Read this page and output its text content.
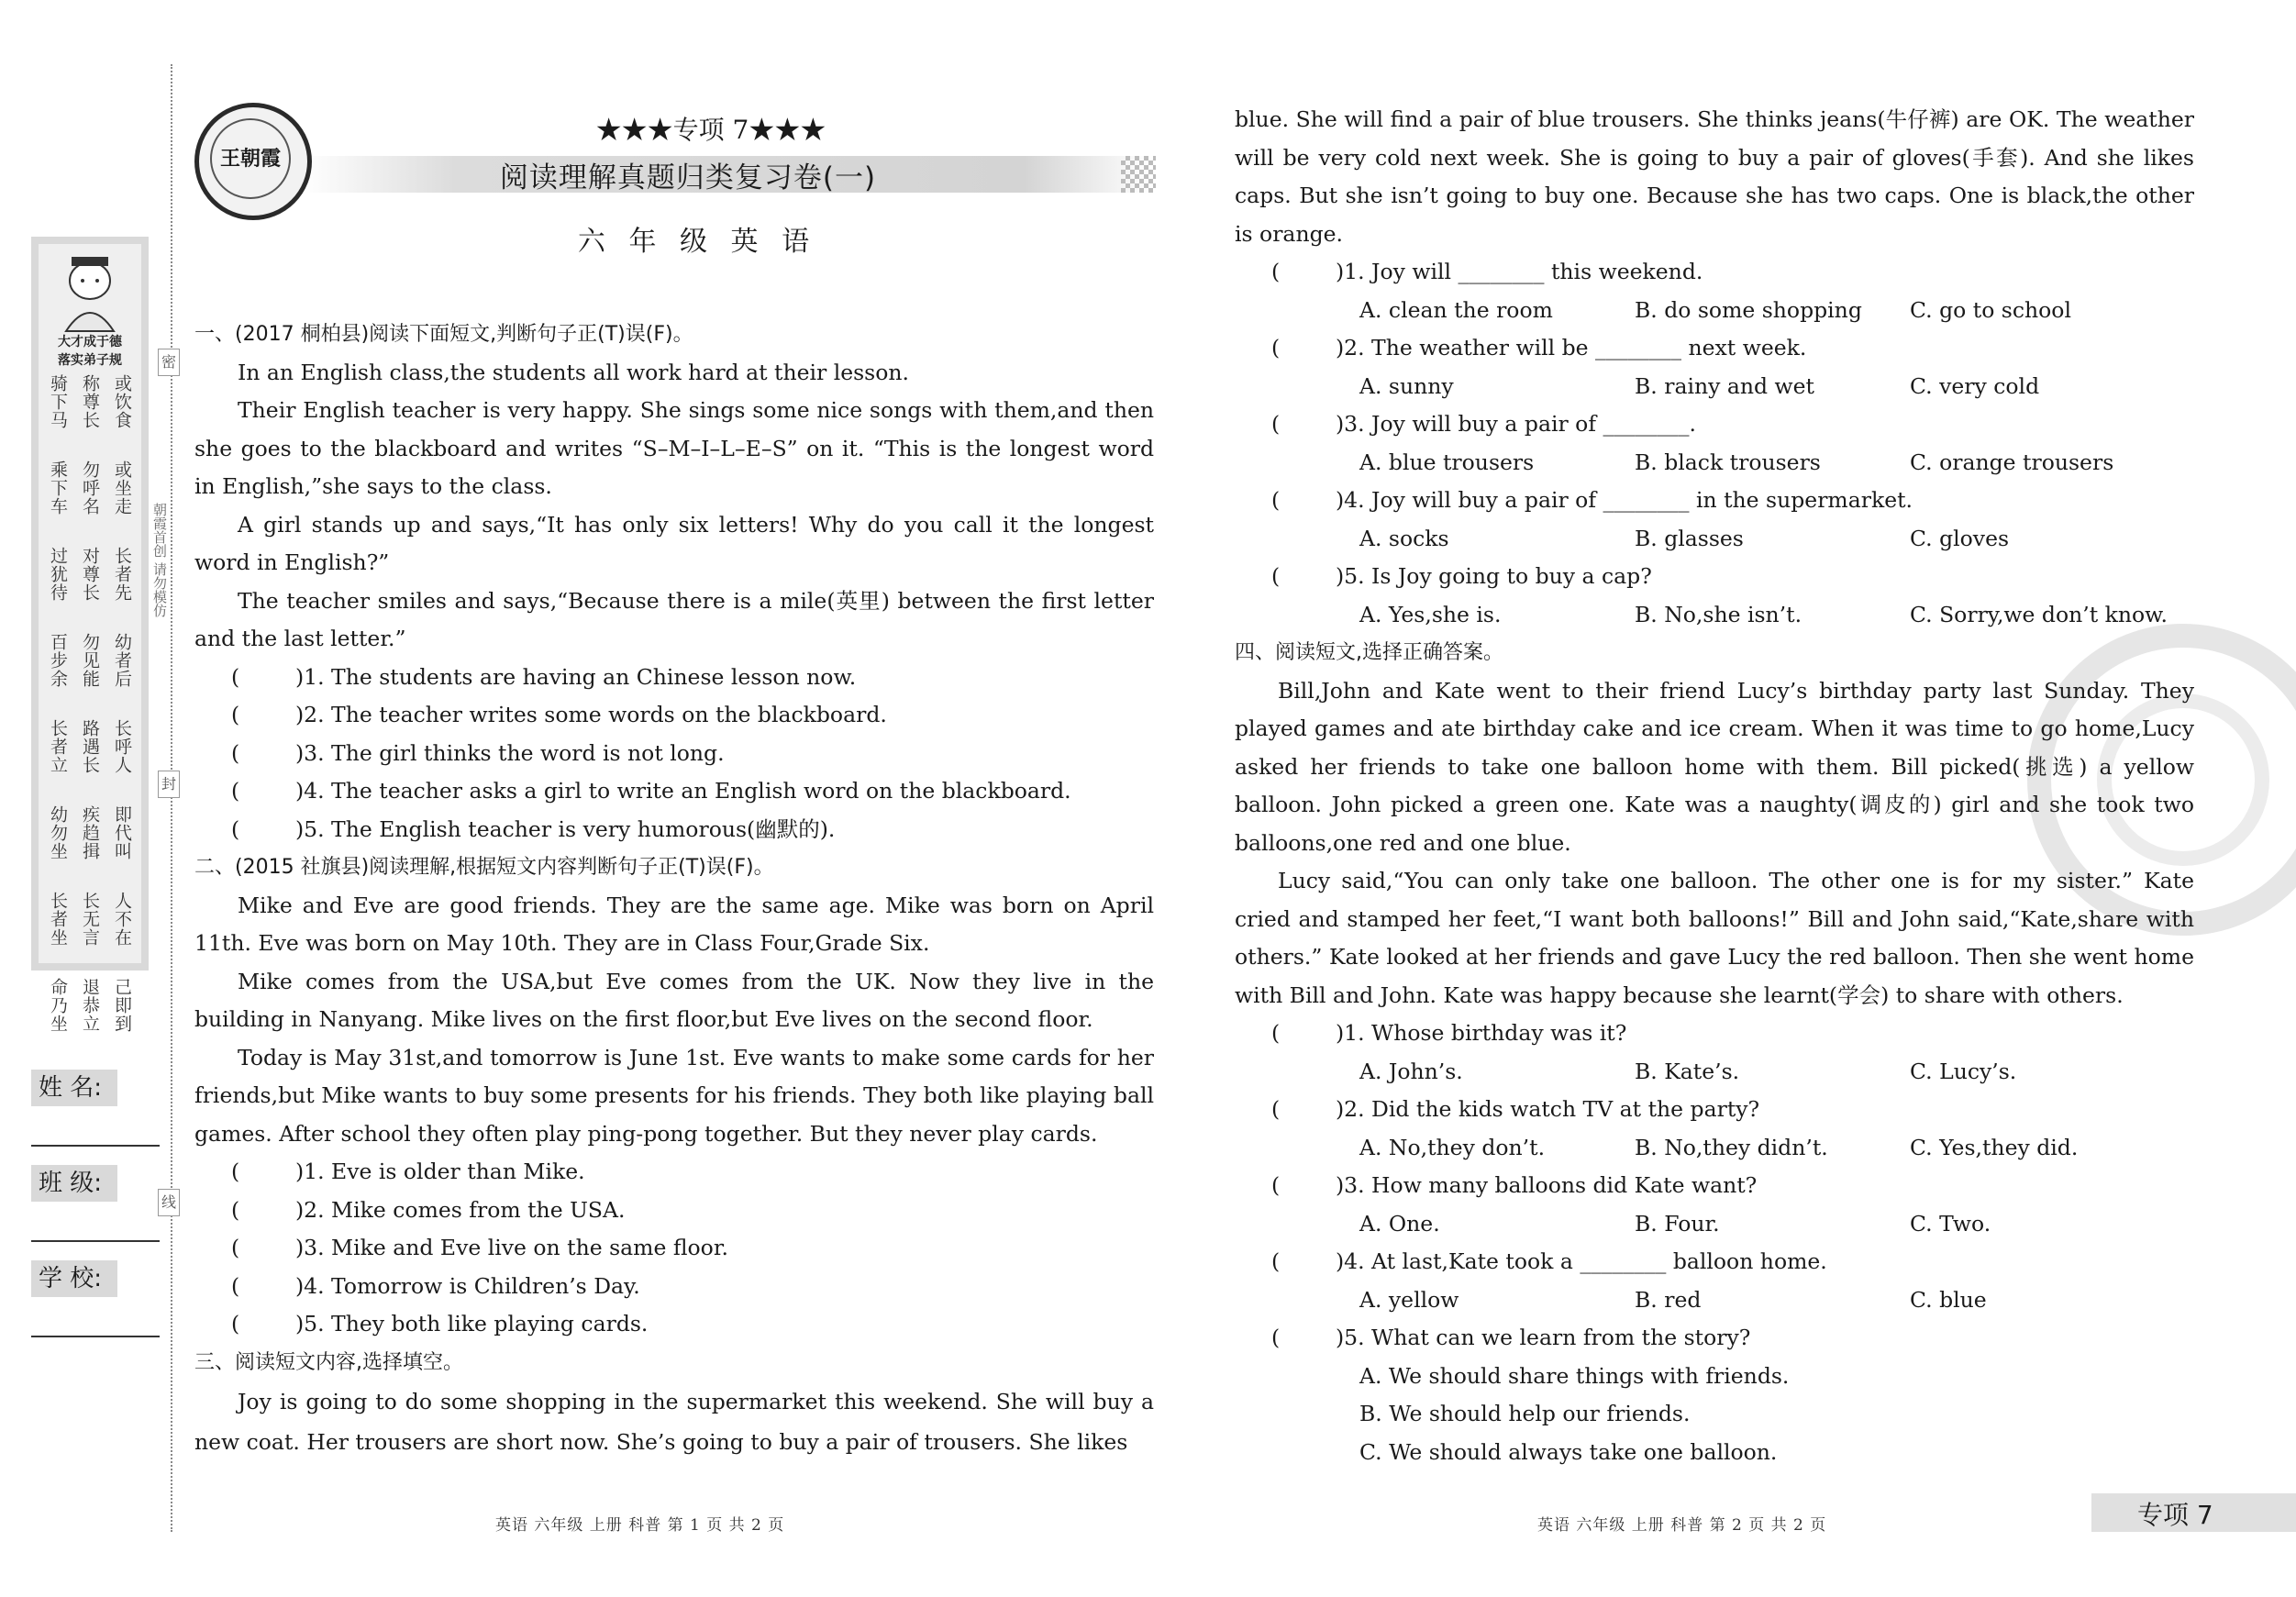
密
封
线
朝霞首创 请勿模仿
大才成于德
落实弟子规
骑下马 称尊长 或饮食
乘下车 勿呼名 或坐走
过犹待 对尊长 长者先
百步余 勿见能 幼者后
长者立 路遇长 长呼人
幼勿坐 疾趋揖 即代叫
长者坐 长无言 人不在
命乃坐 退恭立 己即到
姓 名:
班 级:
学 校:
王朝霞
★★★专项 7★★★
阅读理解真题归类复习卷(一)
六 年 级 英 语

一、(2017 桐柏县)阅读下面短文,判断句子正(T)误(F)。

In an English class,the students all work hard at their lesson.

Their English teacher is very happy. She sings some nice songs with them,and then she goes to the blackboard and writes “S–M–I–L–E–S” on it. “This is the longest word in English,”she says to the class.

A girl stands up and says,“It has only six letters! Why do you call it the longest word in English?”

The teacher smiles and says,“Because there is a mile(英里) between the first letter and the last letter.”

(	)1. The students are having an Chinese lesson now.

(	)2. The teacher writes some words on the blackboard.

(	)3. The girl thinks the word is not long.

(	)4. The teacher asks a girl to write an English word on the blackboard.

(	)5. The English teacher is very humorous(幽默的).

二、(2015 社旗县)阅读理解,根据短文内容判断句子正(T)误(F)。

Mike and Eve are good friends. They are the same age. Mike was born on April 11th. Eve was born on May 10th. They are in Class Four,Grade Six.

Mike comes from the USA,but Eve comes from the UK. Now they live in the building in Nanyang. Mike lives on the first floor,but Eve lives on the second floor.

Today is May 31st,and tomorrow is June 1st. Eve wants to make some cards for her friends,but Mike wants to buy some presents for his friends. They both like playing ball games. After school they often play ping-pong together. But they never play cards.

(	)1. Eve is older than Mike.

(	)2. Mike comes from the USA.

(	)3. Mike and Eve live on the same floor.

(	)4. Tomorrow is Children’s Day.

(	)5. They both like playing cards.

三、阅读短文内容,选择填空。

Joy is going to do some shopping in the supermarket this weekend. She will buy a new coat. Her trousers are short now. She’s going to buy a pair of trousers. She likes

blue. She will find a pair of blue trousers. She thinks jeans(牛仔裤) are OK. The weather will be very cold next week. She is going to buy a pair of gloves(手套). And she likes caps. But she isn’t going to buy one. Because she has two caps. One is black,the other is orange.

(	)1. Joy will ________ this weekend.

A. clean the room	B. do some shopping	C. go to school

(	)2. The weather will be ________ next week.

A. sunny	B. rainy and wet	C. very cold

(	)3. Joy will buy a pair of ________.

A. blue trousers	B. black trousers	C. orange trousers

(	)4. Joy will buy a pair of ________ in the supermarket.

A. socks	B. glasses	C. gloves

(	)5. Is Joy going to buy a cap?

A. Yes,she is.	B. No,she isn’t.	C. Sorry,we don’t know.

四、阅读短文,选择正确答案。

Bill,John and Kate went to their friend Lucy’s birthday party last Sunday. They played games and ate birthday cake and ice cream. When it was time to go home,Lucy asked her friends to take one balloon home with them. Bill picked(挑选) a yellow balloon. John picked a green one. Kate was a naughty(调皮的) girl and she took two balloons,one red and one blue.

Lucy said,“You can only take one balloon. The other one is for my sister.” Kate cried and stamped her feet,“I want both balloons!” Bill and John said,“Kate,share with others.” Kate looked at her friends and gave Lucy the red balloon. Then she went home with Bill and John. Kate was happy because she learnt(学会) to share with others.

(	)1. Whose birthday was it?

A. John’s.	B. Kate’s.	C. Lucy’s.

(	)2. Did the kids watch TV at the party?

A. No,they don’t.	B. No,they didn’t.	C. Yes,they did.

(	)3. How many balloons did Kate want?

A. One.	B. Four.	C. Two.

(	)4. At last,Kate took a ________ balloon home.

A. yellow	B. red	C. blue

(	)5. What can we learn from the story?

A. We should share things with friends.

B. We should help our friends.

C. We should always take one balloon.

英语 六年级 上册 科普 第 1 页 共 2 页	英语 六年级 上册 科普 第 2 页 共 2 页	专项 7
